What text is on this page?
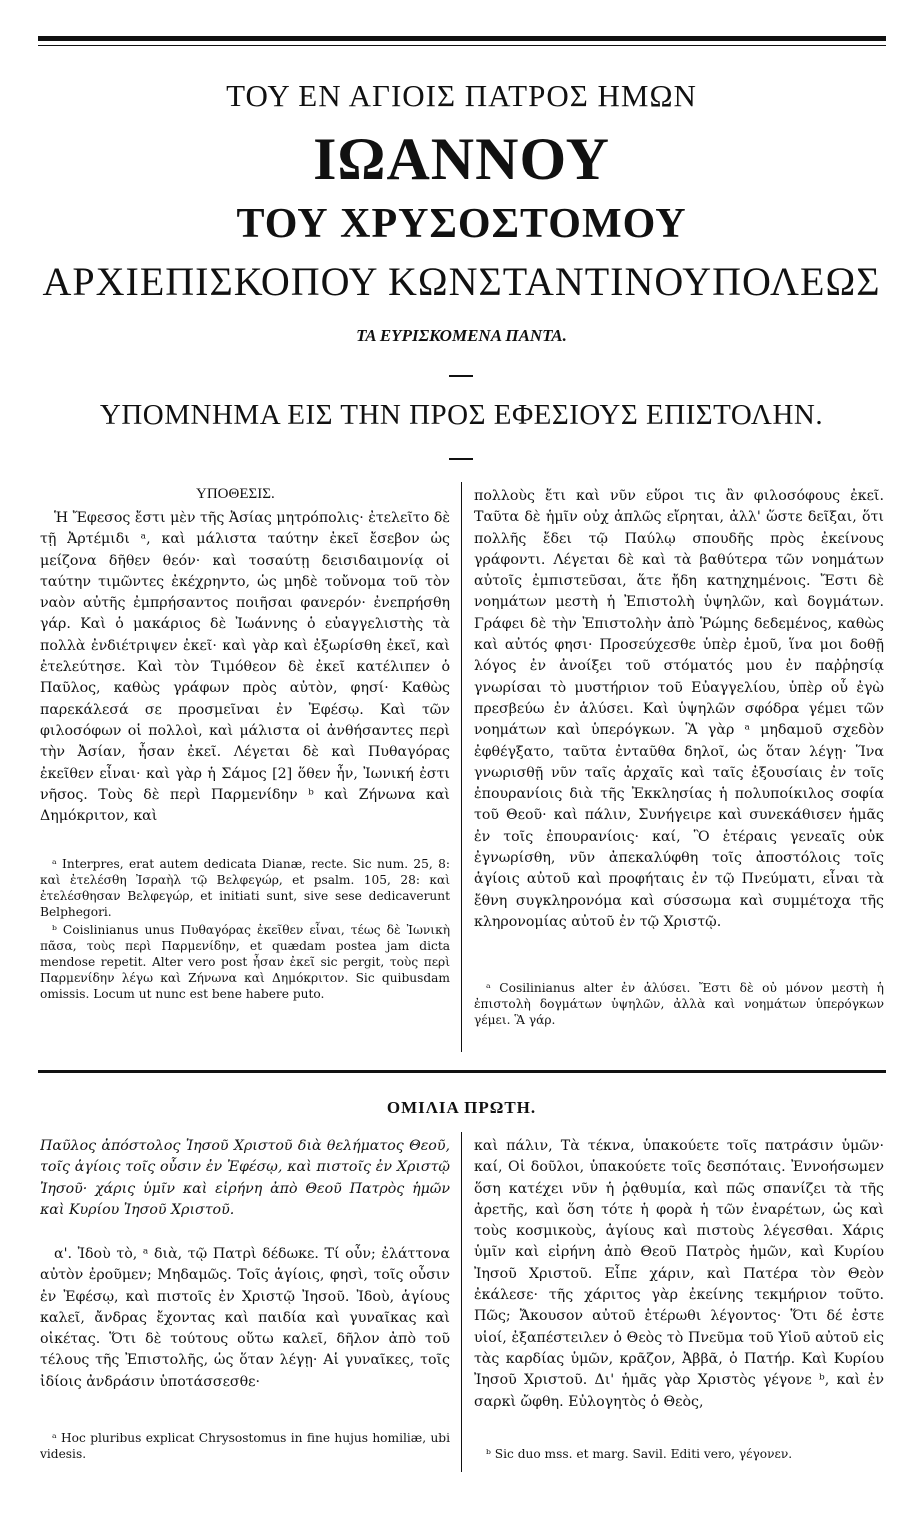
ΤΟΥ ΕΝ ΑΓΙΟΙΣ ΠΑΤΡΟΣ ΗΜΩΝ
ΙΩΑΝΝΟΥ
ΤΟΥ ΧΡΥΣΟΣΤΟΜΟΥ
ΑΡΧΙΕΠΙΣΚΟΠΟΥ ΚΩΝΣΤΑΝΤΙΝΟΥΠΟΛΕΩΣ
ΤΑ ΕΥΡΙΣΚΟΜΕΝΑ ΠΑΝΤΑ.
ΥΠΟΜΝΗΜΑ ΕΙΣ ΤΗΝ ΠΡΟΣ ΕΦΕΣΙΟΥΣ ΕΠΙΣΤΟΛΗΝ.
ΥΠΟΘΕΣΙΣ.

Ἡ Ἔφεσος ἔστι μὲν τῆς Ἀσίας μητρόπολις· ἐτελεῖτο δὲ τῇ Ἀρτέμιδι ᵃ, καὶ μάλιστα ταύτην ἐκεῖ ἔσεβον ὡς μείζονα δῆθεν θεόν· καὶ τοσαύτῃ δεισιδαιμονίᾳ οἱ ταύτην τιμῶντες ἐκέχρηντο, ὡς μηδὲ τοὔνομα τοῦ τὸν ναὸν αὐτῆς ἐμπρήσαντος ποιῆσαι φανερόν· ἐνεπρήσθη γάρ. Καὶ ὁ μακάριος δὲ Ἰωάννης ὁ εὐαγγελιστὴς τὰ πολλὰ ἐνδιέτριψεν ἐκεῖ· καὶ γὰρ καὶ ἐξωρίσθη ἐκεῖ, καὶ ἐτελεύτησε. Καὶ τὸν Τιμόθεον δὲ ἐκεῖ κατέλιπεν ὁ Παῦλος, καθὼς γράφων πρὸς αὐτὸν, φησί· Καθὼς παρεκάλεσά σε προσμεῖναι ἐν Ἐφέσῳ. Καὶ τῶν φιλοσόφων οἱ πολλοὶ, καὶ μάλιστα οἱ ἀνθήσαντες περὶ τὴν Ἀσίαν, ἦσαν ἐκεῖ. Λέγεται δὲ καὶ Πυθαγόρας ἐκεῖθεν εἶναι· καὶ γὰρ ἡ Σάμος [2] ὅθεν ἦν, Ἰωνική ἐστι νῆσος. Τοὺς δὲ περὶ Παρμενίδην ᵇ καὶ Ζήνωνα καὶ Δημόκριτον, καὶ

ᵃ Interpres, erat autem dedicata Dianæ, recte. Sic num. 25, 8: καὶ ἐτελέσθη Ἰσραὴλ τῷ Βελφεγώρ, et psalm. 105, 28: καὶ ἐτελέσθησαν Βελφεγώρ, et initiati sunt, sive sese dedicaverunt Belphegori.

ᵇ Coislinianus unus Πυθαγόρας ἐκεῖθεν εἶναι, τέως δὲ Ἰωνικὴ πᾶσα, τοὺς περὶ Παρμενίδην, et quædam postea jam dicta mendose repetit. Alter vero post ἦσαν ἐκεῖ sic pergit, τοὺς περὶ Παρμενίδην λέγω καὶ Ζήνωνα καὶ Δημόκριτον. Sic quibusdam omissis. Locum ut nunc est bene habere puto.

πολλοὺς ἔτι καὶ νῦν εὕροι τις ἂν φιλοσόφους ἐκεῖ. Ταῦτα δὲ ἡμῖν οὐχ ἁπλῶς εἴρηται, ἀλλ' ὥστε δεῖξαι, ὅτι πολλῆς ἔδει τῷ Παύλῳ σπουδῆς πρὸς ἐκείνους γράφοντι. Λέγεται δὲ καὶ τὰ βαθύτερα τῶν νοημάτων αὐτοῖς ἐμπιστεῦσαι, ἅτε ἤδη κατηχημένοις. Ἔστι δὲ νοημάτων μεστὴ ἡ Ἐπιστολὴ ὑψηλῶν, καὶ δογμάτων. Γράφει δὲ τὴν Ἐπιστολὴν ἀπὸ Ῥώμης δεδεμένος, καθὼς καὶ αὐτός φησι· Προσεύχεσθε ὑπὲρ ἐμοῦ, ἵνα μοι δοθῇ λόγος ἐν ἀνοίξει τοῦ στόματός μου ἐν παῤῥησίᾳ γνωρίσαι τὸ μυστήριον τοῦ Εὐαγγελίου, ὑπὲρ οὗ ἐγὼ πρεσβεύω ἐν ἁλύσει. Καὶ ὑψηλῶν σφόδρα γέμει τῶν νοημάτων καὶ ὑπερόγκων. Ἃ γὰρ ᵃ μηδαμοῦ σχεδὸν ἐφθέγξατο, ταῦτα ἐνταῦθα δηλοῖ, ὡς ὅταν λέγῃ· Ἵνα γνωρισθῇ νῦν ταῖς ἀρχαῖς καὶ ταῖς ἐξουσίαις ἐν τοῖς ἐπουρανίοις διὰ τῆς Ἐκκλησίας ἡ πολυποίκιλος σοφία τοῦ Θεοῦ· καὶ πάλιν, Συνήγειρε καὶ συνεκάθισεν ἡμᾶς ἐν τοῖς ἐπουρανίοις· καί, Ὃ ἑτέραις γενεαῖς οὐκ ἐγνωρίσθη, νῦν ἀπεκαλύφθη τοῖς ἀποστόλοις τοῖς ἁγίοις αὐτοῦ καὶ προφήταις ἐν τῷ Πνεύματι, εἶναι τὰ ἔθνη συγκληρονόμα καὶ σύσσωμα καὶ συμμέτοχα τῆς κληρονομίας αὐτοῦ ἐν τῷ Χριστῷ.

ᵃ Cosilinianus alter ἐν ἁλύσει. Ἔστι δὲ οὐ μόνον μεστὴ ἡ ἐπιστολὴ δογμάτων ὑψηλῶν, ἀλλὰ καὶ νοημάτων ὑπερόγκων γέμει. Ἃ γάρ.

ΟΜΙΛΙΑ ΠΡΩΤΗ.

Παῦλος ἀπόστολος Ἰησοῦ Χριστοῦ διὰ θελήματος Θεοῦ, τοῖς ἁγίοις τοῖς οὖσιν ἐν Ἐφέσῳ, καὶ πιστοῖς ἐν Χριστῷ Ἰησοῦ· χάρις ὑμῖν καὶ εἰρήνη ἀπὸ Θεοῦ Πατρὸς ἡμῶν καὶ Κυρίου Ἰησοῦ Χριστοῦ.

α'. Ἰδοὺ τὸ, ᵃ διὰ, τῷ Πατρὶ δέδωκε. Τί οὖν; ἐλάττονα αὐτὸν ἐροῦμεν; Μηδαμῶς. Τοῖς ἁγίοις, φησὶ, τοῖς οὖσιν ἐν Ἐφέσῳ, καὶ πιστοῖς ἐν Χριστῷ Ἰησοῦ. Ἰδοὺ, ἁγίους καλεῖ, ἄνδρας ἔχοντας καὶ παιδία καὶ γυναῖκας καὶ οἰκέτας. Ὅτι δὲ τούτους οὕτω καλεῖ, δῆλον ἀπὸ τοῦ τέλους τῆς Ἐπιστολῆς, ὡς ὅταν λέγῃ· Αἱ γυναῖκες, τοῖς ἰδίοις ἀνδράσιν ὑποτάσσεσθε·

ᵃ Hoc pluribus explicat Chrysostomus in fine hujus homiliæ, ubi videsis.

καὶ πάλιν, Τὰ τέκνα, ὑπακούετε τοῖς πατράσιν ὑμῶν· καί, Οἱ δοῦλοι, ὑπακούετε τοῖς δεσπόταις. Ἐννοήσωμεν ὅση κατέχει νῦν ἡ ῥᾳθυμία, καὶ πῶς σπανίζει τὰ τῆς ἀρετῆς, καὶ ὅση τότε ἡ φορὰ ἡ τῶν ἐναρέτων, ὡς καὶ τοὺς κοσμικοὺς, ἁγίους καὶ πιστοὺς λέγεσθαι. Χάρις ὑμῖν καὶ εἰρήνη ἀπὸ Θεοῦ Πατρὸς ἡμῶν, καὶ Κυρίου Ἰησοῦ Χριστοῦ. Εἶπε χάριν, καὶ Πατέρα τὸν Θεὸν ἐκάλεσε· τῆς χάριτος γὰρ ἐκείνης τεκμήριον τοῦτο. Πῶς; Ἄκουσον αὐτοῦ ἑτέρωθι λέγοντος· Ὅτι δέ ἐστε υἱοί, ἐξαπέστειλεν ὁ Θεὸς τὸ Πνεῦμα τοῦ Υἱοῦ αὐτοῦ εἰς τὰς καρδίας ὑμῶν, κρᾶζον, Ἀββᾶ, ὁ Πατήρ. Καὶ Κυρίου Ἰησοῦ Χριστοῦ. Δι' ἡμᾶς γὰρ Χριστὸς γέγονε ᵇ, καὶ ἐν σαρκὶ ὤφθη. Εὐλογητὸς ὁ Θεὸς,

ᵇ Sic duo mss. et marg. Savil. Editi vero, γέγονεν.
